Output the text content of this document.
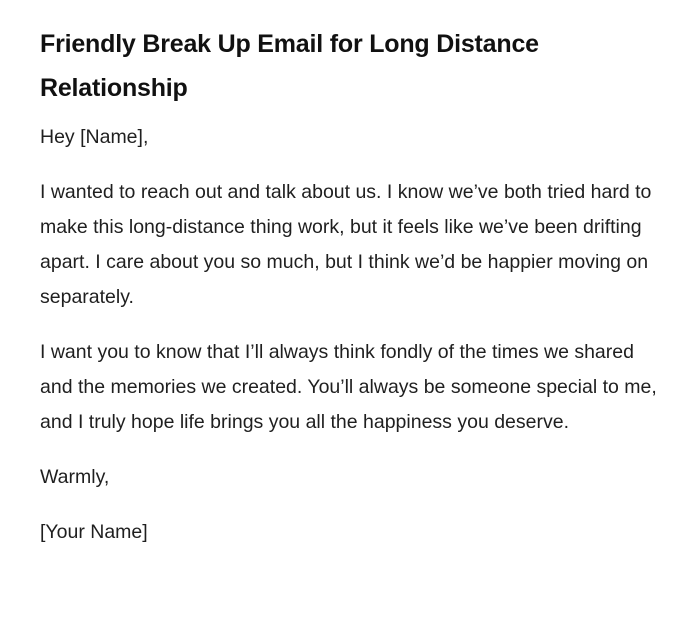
Friendly Break Up Email for Long Distance Relationship

Hey [Name],

I wanted to reach out and talk about us. I know we’ve both tried hard to make this long-distance thing work, but it feels like we’ve been drifting apart. I care about you so much, but I think we’d be happier moving on separately.

I want you to know that I’ll always think fondly of the times we shared and the memories we created. You’ll always be someone special to me, and I truly hope life brings you all the happiness you deserve.

Warmly,

[Your Name]
